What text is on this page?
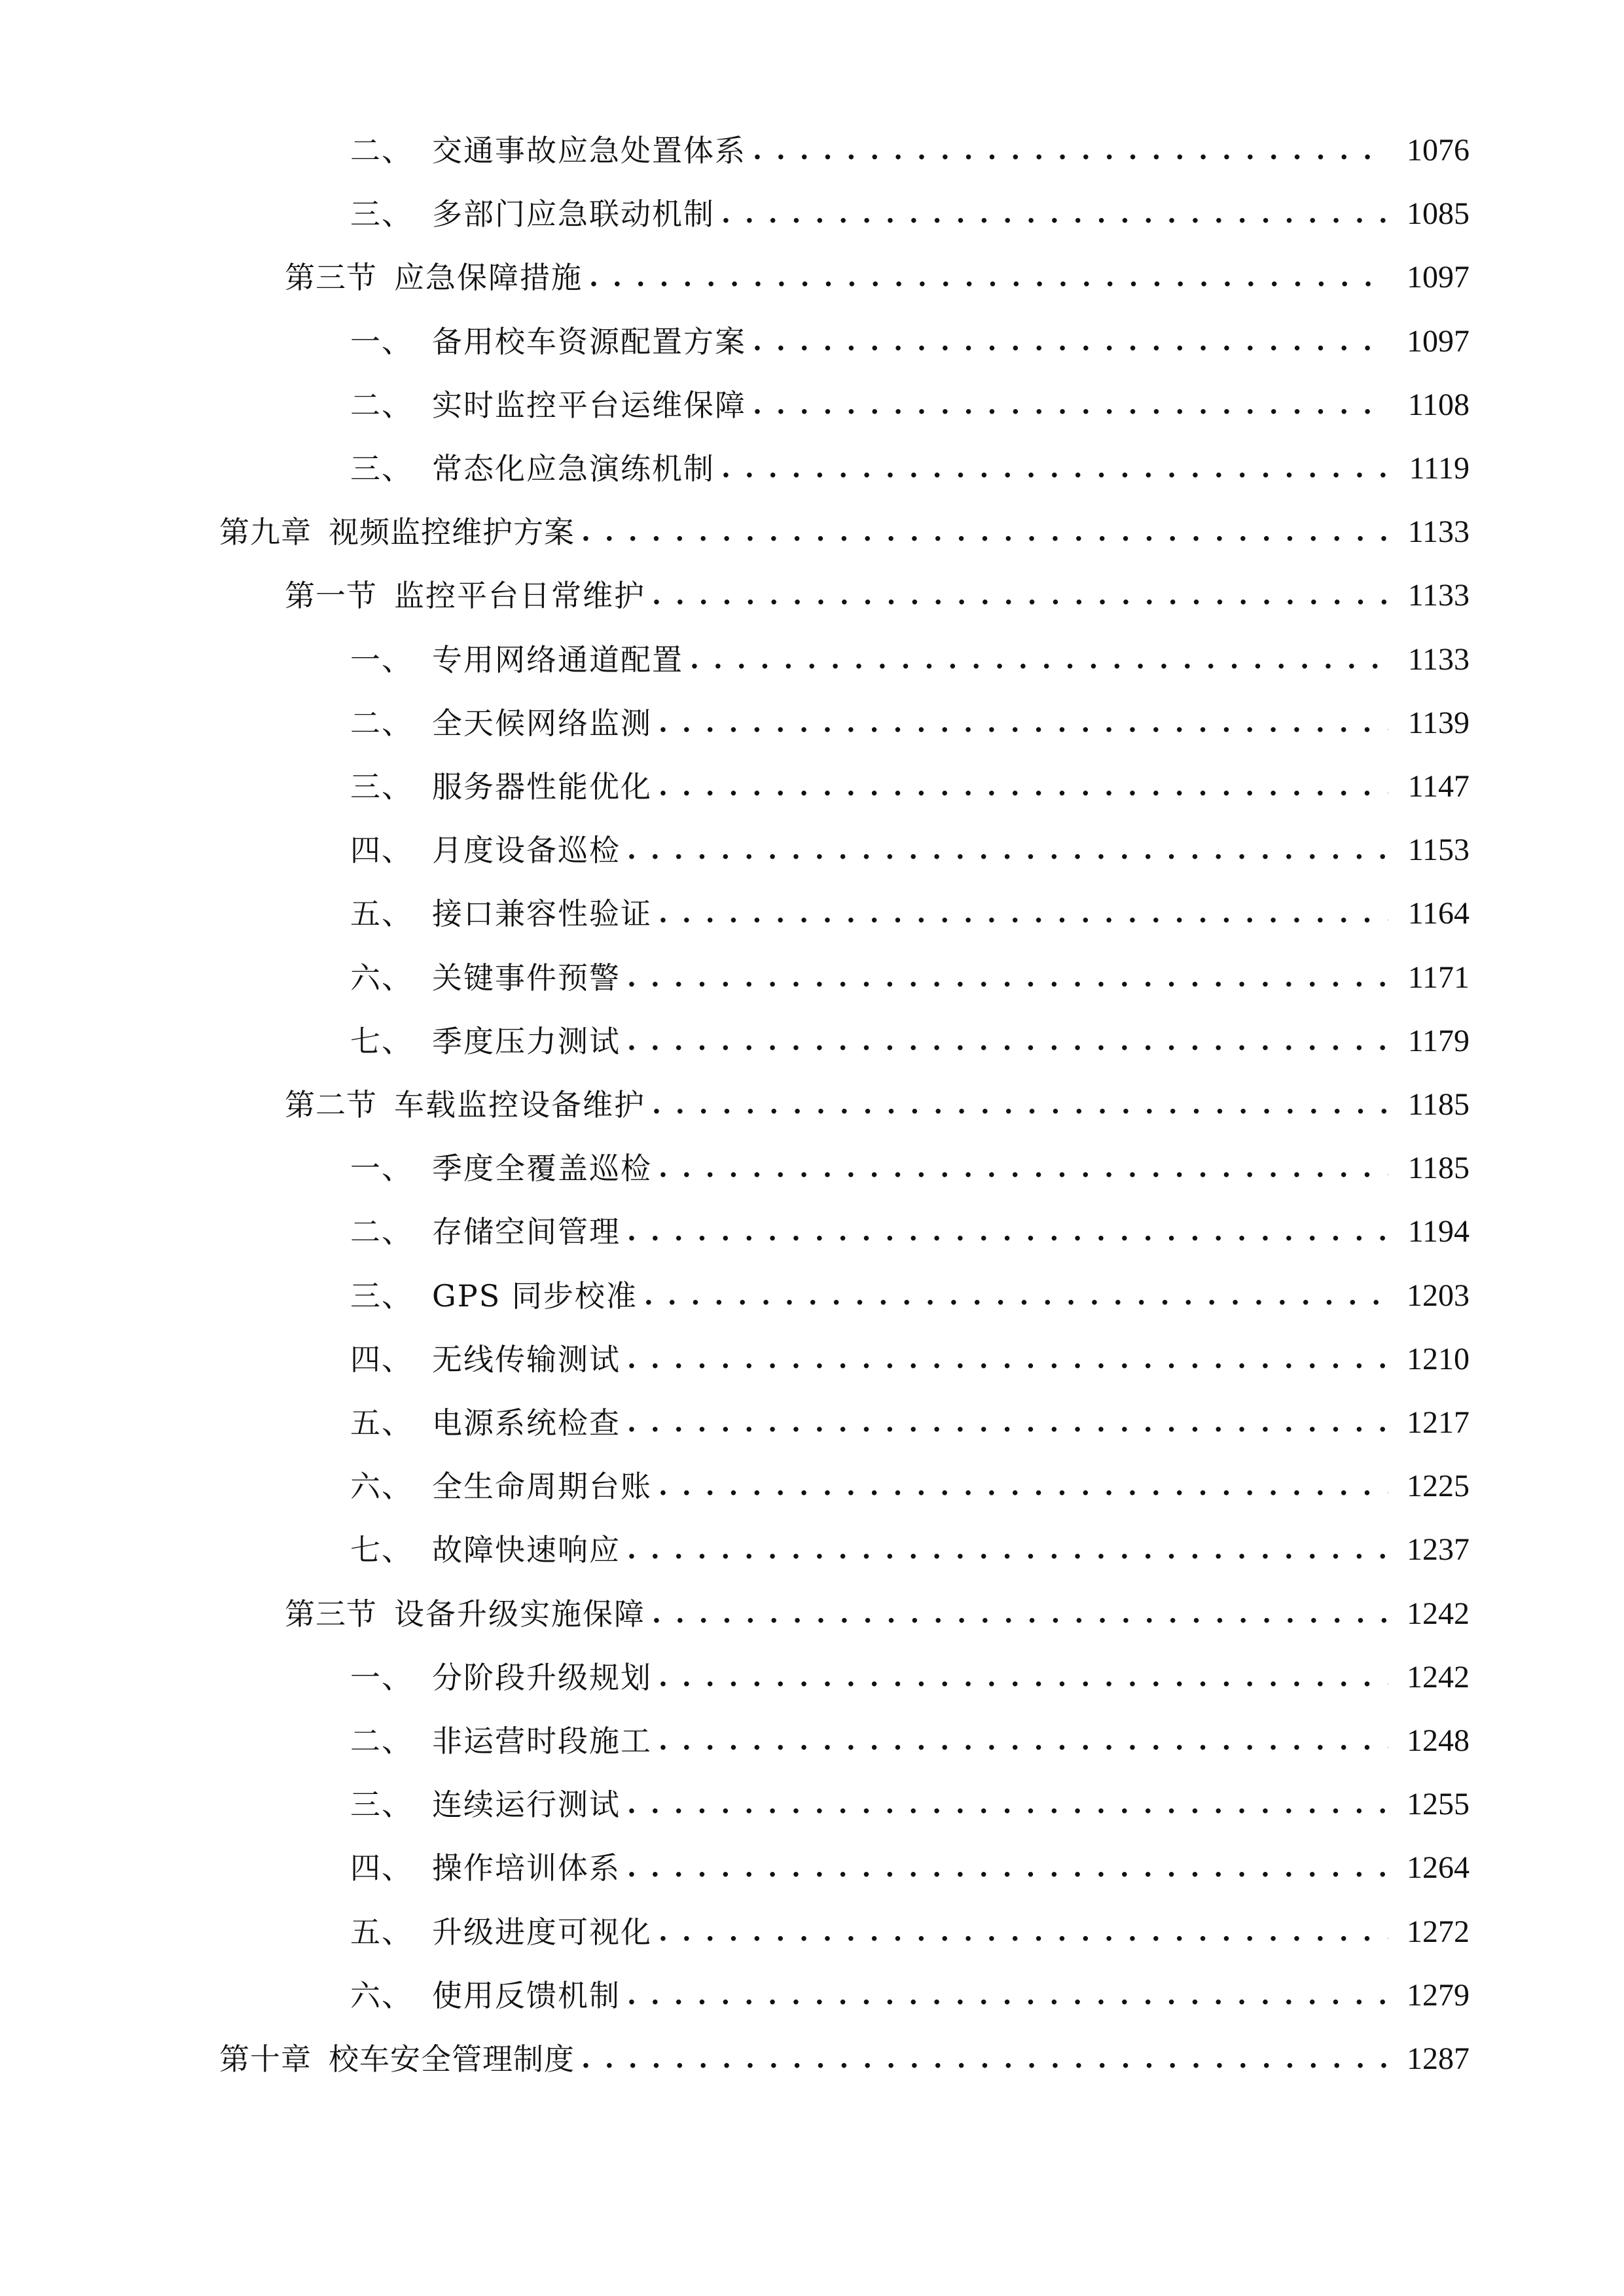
二、 交通事故应急处置体系 . . .	1076
三、 多部门应急联动机制 . . .	1085
第三节 应急保障措施 . . .	1097
一、 备用校车资源配置方案 . . .	1097
二、 实时监控平台运维保障 . . .	1108
三、 常态化应急演练机制 . . .	1119
第九章 视频监控维护方案 . . .	1133
第一节 监控平台日常维护 . . .	1133
一、 专用网络通道配置 . . .	1133
二、 全天候网络监测 . . .	1139
三、 服务器性能优化 . . .	1147
四、 月度设备巡检 . . .	1153
五、 接口兼容性验证 . . .	1164
六、 关键事件预警 . . .	1171
七、 季度压力测试 . . .	1179
第二节 车载监控设备维护 . . .	1185
一、 季度全覆盖巡检 . . .	1185
二、 存储空间管理 . . .	1194
三、 GPS 同步校准 . . .	1203
四、 无线传输测试 . . .	1210
五、 电源系统检查 . . .	1217
六、 全生命周期台账 . . .	1225
七、 故障快速响应 . . .	1237
第三节 设备升级实施保障 . . .	1242
一、 分阶段升级规划 . . .	1242
二、 非运营时段施工 . . .	1248
三、 连续运行测试 . . .	1255
四、 操作培训体系 . . .	1264
五、 升级进度可视化 . . .	1272
六、 使用反馈机制 . . .	1279
第十章 校车安全管理制度 . . .	1287
